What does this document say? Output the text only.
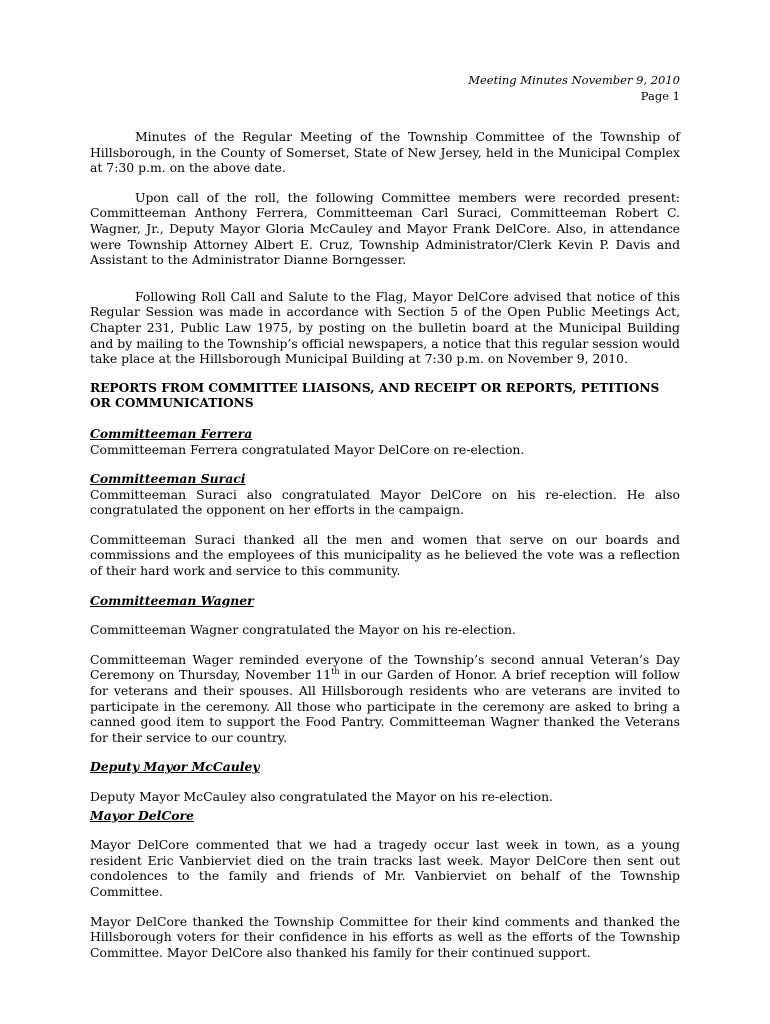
Meeting Minutes November 9, 2010
Page 1

Minutes of the Regular Meeting of the Township Committee of the Township of Hillsborough, in the County of Somerset, State of New Jersey, held in the Municipal Complex at 7:30 p.m. on the above date.

Upon call of the roll, the following Committee members were recorded present: Committeeman Anthony Ferrera, Committeeman Carl Suraci, Committeeman Robert C. Wagner, Jr., Deputy Mayor Gloria McCauley and Mayor Frank DelCore. Also, in attendance were Township Attorney Albert E. Cruz, Township Administrator/Clerk Kevin P. Davis and Assistant to the Administrator Dianne Borngesser.

Following Roll Call and Salute to the Flag, Mayor DelCore advised that notice of this Regular Session was made in accordance with Section 5 of the Open Public Meetings Act, Chapter 231, Public Law 1975, by posting on the bulletin board at the Municipal Building and by mailing to the Township’s official newspapers, a notice that this regular session would take place at the Hillsborough Municipal Building at 7:30 p.m. on November 9, 2010.

REPORTS FROM COMMITTEE LIAISONS, AND RECEIPT OR REPORTS, PETITIONS OR COMMUNICATIONS
Committeeman Ferrera

Committeeman Ferrera congratulated Mayor DelCore on re-election.

Committeeman Suraci

Committeeman Suraci also congratulated Mayor DelCore on his re-election. He also congratulated the opponent on her efforts in the campaign.

Committeeman Suraci thanked all the men and women that serve on our boards and commissions and the employees of this municipality as he believed the vote was a reflection of their hard work and service to this community.

Committeeman Wagner

Committeeman Wagner congratulated the Mayor on his re-election.

Committeeman Wager reminded everyone of the Township’s second annual Veteran’s Day Ceremony on Thursday, November 11th in our Garden of Honor. A brief reception will follow for veterans and their spouses. All Hillsborough residents who are veterans are invited to participate in the ceremony. All those who participate in the ceremony are asked to bring a canned good item to support the Food Pantry. Committeeman Wagner thanked the Veterans for their service to our country.

Deputy Mayor McCauley

Deputy Mayor McCauley also congratulated the Mayor on his re-election.

Mayor DelCore

Mayor DelCore commented that we had a tragedy occur last week in town, as a young resident Eric Vanbierviet died on the train tracks last week. Mayor DelCore then sent out condolences to the family and friends of Mr. Vanbierviet on behalf of the Township Committee.

Mayor DelCore thanked the Township Committee for their kind comments and thanked the Hillsborough voters for their confidence in his efforts as well as the efforts of the Township Committee. Mayor DelCore also thanked his family for their continued support.
